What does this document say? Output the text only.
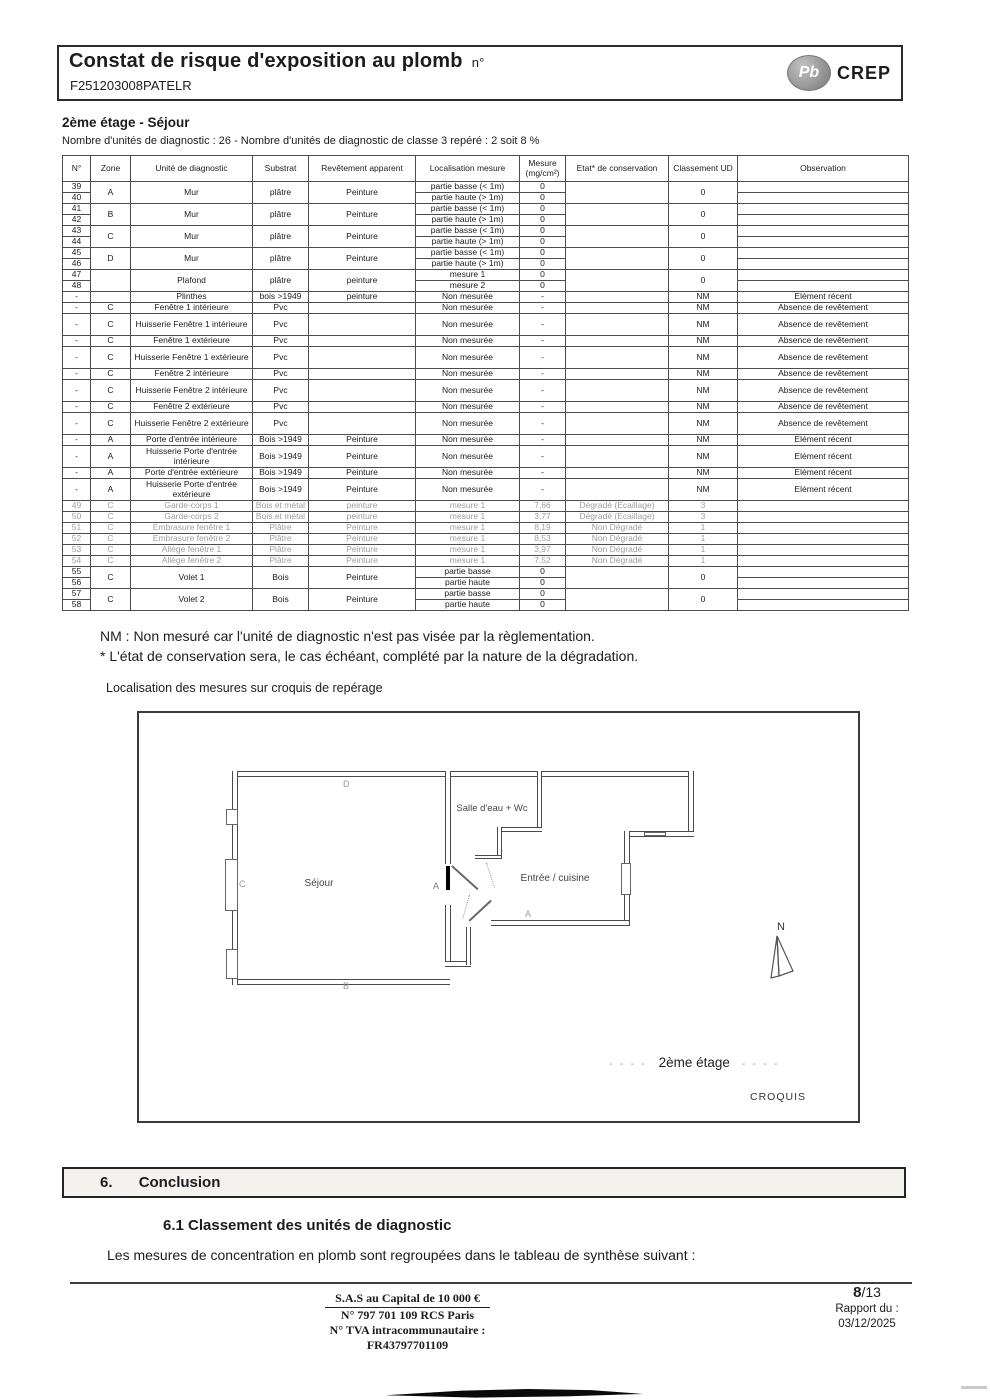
Constat de risque d'exposition au plomb n°
F251203008PATELR
Pb CREP
2ème étage - Séjour
Nombre d'unités de diagnostic : 26 - Nombre d'unités de diagnostic de classe 3 repéré : 2 soit 8 %
N°	Zone	Unité de diagnostic	Substrat	Revêtement apparent	Localisation mesure	Mesure (mg/cm²)	Etat* de conservation	Classement UD	Observation
39	A	Mur	plâtre	Peinture	partie basse (< 1m)	0		0	
40					partie haute (> 1m)	0			
41	B	Mur	plâtre	Peinture	partie basse (< 1m)	0		0	
42					partie haute (> 1m)	0			
43	C	Mur	plâtre	Peinture	partie basse (< 1m)	0		0	
44					partie haute (> 1m)	0			
45	D	Mur	plâtre	Peinture	partie basse (< 1m)	0		0	
46					partie haute (> 1m)	0			
47		Plafond	plâtre	peinture	mesure 1	0		0	
48					mesure 2	0			
-		Plinthes	bois >1949	peinture	Non mesurée	-		NM	Elément récent
-	C	Fenêtre 1 intérieure	Pvc		Non mesurée	-		NM	Absence de revêtement
-	C	Huisserie Fenêtre 1 intérieure	Pvc		Non mesurée	-		NM	Absence de revêtement
-	C	Fenêtre 1 extérieure	Pvc		Non mesurée	-		NM	Absence de revêtement
-	C	Huisserie Fenêtre 1 extérieure	Pvc		Non mesurée	-		NM	Absence de revêtement
-	C	Fenêtre 2 intérieure	Pvc		Non mesurée	-		NM	Absence de revêtement
-	C	Huisserie Fenêtre 2 intérieure	Pvc		Non mesurée	-		NM	Absence de revêtement
-	C	Fenêtre 2 extérieure	Pvc		Non mesurée	-		NM	Absence de revêtement
-	C	Huisserie Fenêtre 2 extérieure	Pvc		Non mesurée	-		NM	Absence de revêtement
-	A	Porte d'entrée intérieure	Bois >1949	Peinture	Non mesurée	-		NM	Elément récent
-	A	Huisserie Porte d'entrée intérieure	Bois >1949	Peinture	Non mesurée	-		NM	Elément récent
-	A	Porte d'entrée extérieure	Bois >1949	Peinture	Non mesurée	-		NM	Elément récent
-	A	Huisserie Porte d'entrée extérieure	Bois >1949	Peinture	Non mesurée	-		NM	Elément récent
49	C	Garde-corps 1	Bois et métal	peinture	mesure 1	7,66	Dégradé (Ecaillage)	3	
50	C	Garde-corps 2	Bois et métal	peinture	mesure 1	3,77	Dégradé (Ecaillage)	3	
51	C	Embrasure fenêtre 1	Plâtre	Peinture	mesure 1	8,19	Non Dégradé	1	
52	C	Embrasure fenêtre 2	Plâtre	Peinture	mesure 1	8,53	Non Dégradé	1	
53	C	Allège fenêtre 1	Plâtre	Peinture	mesure 1	3,97	Non Dégradé	1	
54	C	Allège fenêtre 2	Plâtre	Peinture	mesure 1	7,52	Non Dégradé	1	
55	C	Volet 1	Bois	Peinture	partie basse	0		0	
56					partie haute	0			
57	C	Volet 2	Bois	Peinture	partie basse	0		0	
58					partie haute	0			
NM : Non mesuré car l'unité de diagnostic n'est pas visée par la règlementation.
* L'état de conservation sera, le cas échéant, complété par la nature de la dégradation.
Localisation des mesures sur croquis de repérage
Séjour
Salle d'eau + Wc
Entrée / cuisine
D
B
C	A
A
N

- - - - 2ème étage - - - -
CROQUIS
6. Conclusion
6.1 Classement des unités de diagnostic
Les mesures de concentration en plomb sont regroupées dans le tableau de synthèse suivant :
S.A.S au Capital de 10 000 €
N° 797 701 109 RCS Paris
N° TVA intracommunautaire : FR43797701109
8/13
Rapport du :
03/12/2025
